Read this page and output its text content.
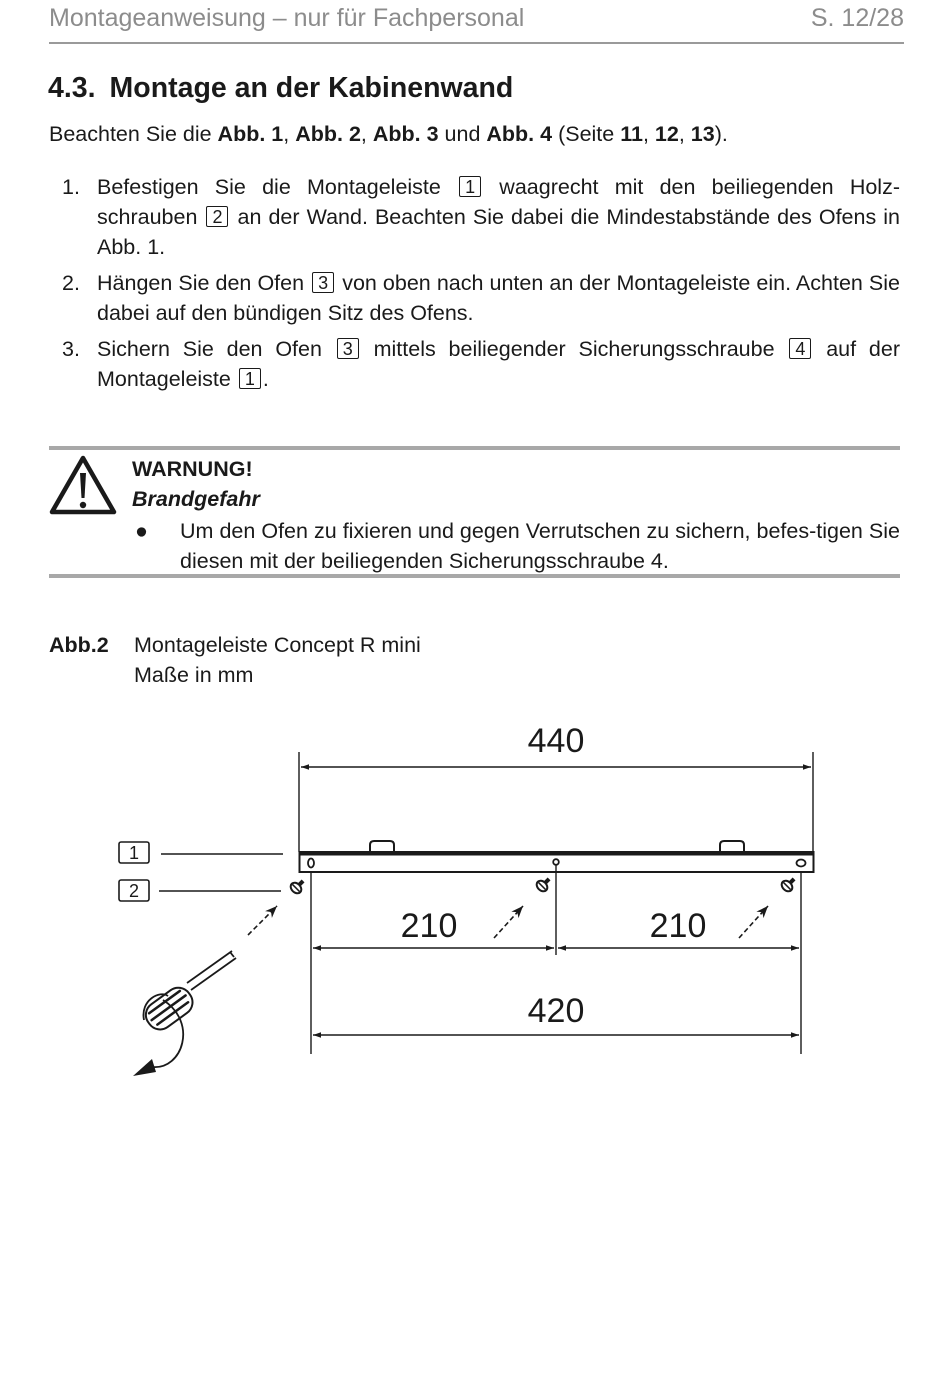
Montageanweisung – nur für Fachpersonal	S. 12/28
4.3. Montage an der Kabinenwand
Beachten Sie die Abb. 1, Abb. 2, Abb. 3 und Abb. 4 (Seite 11, 12, 13).
1. Befestigen Sie die Montageleiste 1 waagrecht mit den beiliegenden Holz-schrauben 2 an der Wand. Beachten Sie dabei die Mindestabstände des Ofens in Abb. 1.
2. Hängen Sie den Ofen 3 von oben nach unten an der Montageleiste ein. Achten Sie dabei auf den bündigen Sitz des Ofens.
3. Sichern Sie den Ofen 3 mittels beiliegender Sicherungsschraube 4 auf der Montageleiste 1 .
WARNUNG!
Brandgefahr
●	Um den Ofen zu fixieren und gegen Verrutschen zu sichern, befes-tigen Sie diesen mit der beiliegenden Sicherungsschraube 4.
Abb.2 Montageleiste Concept R mini
Maße in mm
440
1
2
210	210
420
